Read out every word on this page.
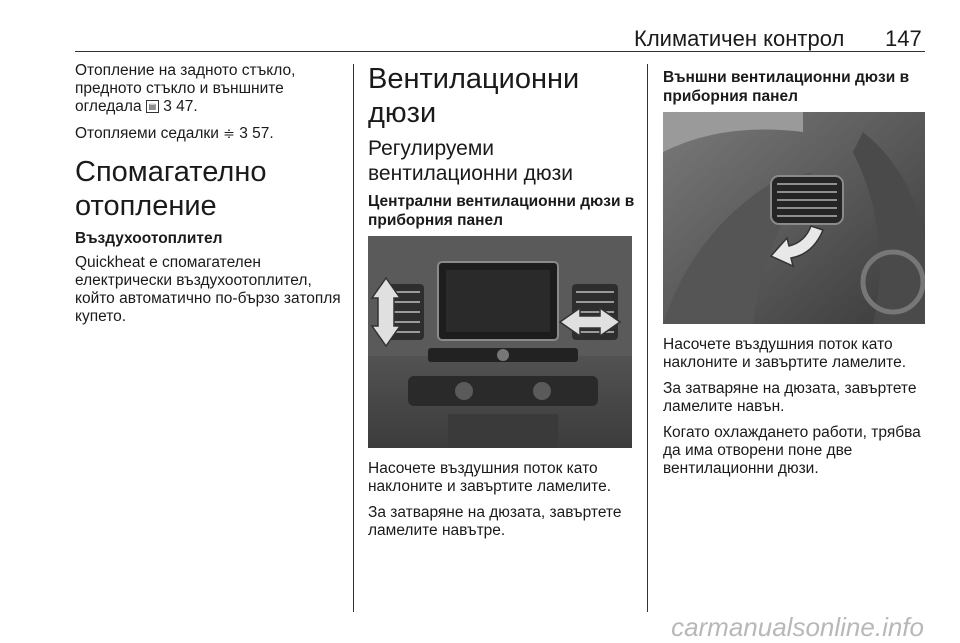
Климатичен контрол 147

Отопление на задното стъкло, предното стъкло и външните огледала ▤ 3 47.

Отопляеми седалки ≑ 3 57.

Спомагателно отопление
Въздухоотоплител

Quickheat е спомагателен електрически въздухоотоплител, който автоматично по-бързо затопля купето.

Вентилационни дюзи
Регулируеми вентилационни дюзи
Централни вентилационни дюзи в приборния панел

Насочете въздушния поток като наклоните и завъртите ламелите.

За затваряне на дюзата, завъртете ламелите навътре.

Външни вентилационни дюзи в приборния панел

Насочете въздушния поток като наклоните и завъртите ламелите.

За затваряне на дюзата, завъртете ламелите навън.

Когато охлаждането работи, трябва да има отворени поне две вентилационни дюзи.

carmanualsonline.info
